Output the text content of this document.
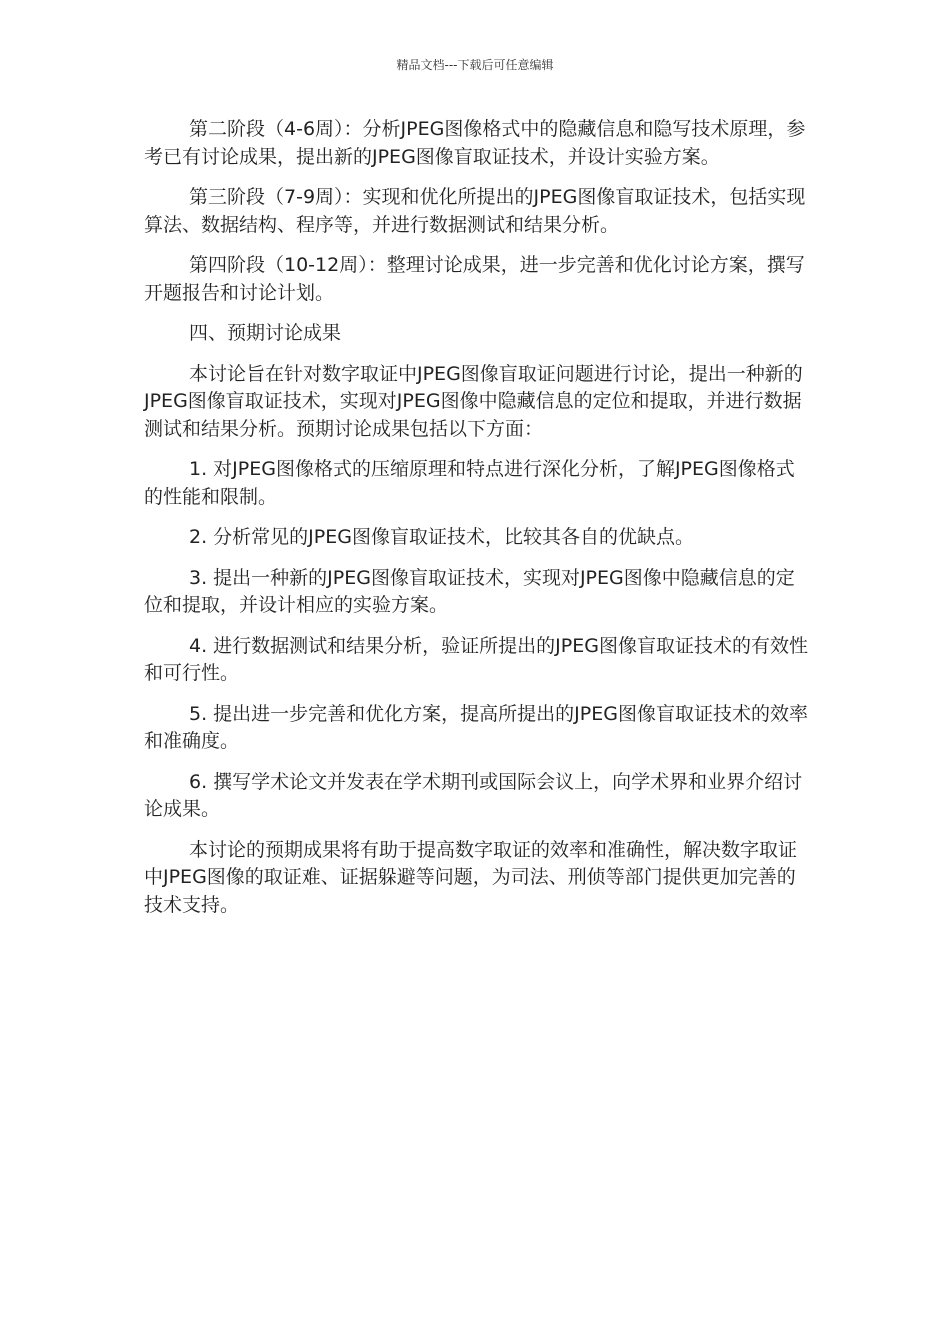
精品文档---下载后可任意编辑

第二阶段（4-6周）：分析JPEG图像格式中的隐藏信息和隐写技术原理，参考已有讨论成果，提出新的JPEG图像盲取证技术，并设计实验方案。

第三阶段（7-9周）：实现和优化所提出的JPEG图像盲取证技术，包括实现算法、数据结构、程序等，并进行数据测试和结果分析。

第四阶段（10-12周）：整理讨论成果，进一步完善和优化讨论方案，撰写开题报告和讨论计划。

四、预期讨论成果

本讨论旨在针对数字取证中JPEG图像盲取证问题进行讨论，提出一种新的JPEG图像盲取证技术，实现对JPEG图像中隐藏信息的定位和提取，并进行数据测试和结果分析。预期讨论成果包括以下方面：

1. 对JPEG图像格式的压缩原理和特点进行深化分析，了解JPEG图像格式的性能和限制。

2. 分析常见的JPEG图像盲取证技术，比较其各自的优缺点。

3. 提出一种新的JPEG图像盲取证技术，实现对JPEG图像中隐藏信息的定位和提取，并设计相应的实验方案。

4. 进行数据测试和结果分析，验证所提出的JPEG图像盲取证技术的有效性和可行性。

5. 提出进一步完善和优化方案，提高所提出的JPEG图像盲取证技术的效率和准确度。

6. 撰写学术论文并发表在学术期刊或国际会议上，向学术界和业界介绍讨论成果。

本讨论的预期成果将有助于提高数字取证的效率和准确性，解决数字取证中JPEG图像的取证难、证据躲避等问题，为司法、刑侦等部门提供更加完善的技术支持。
